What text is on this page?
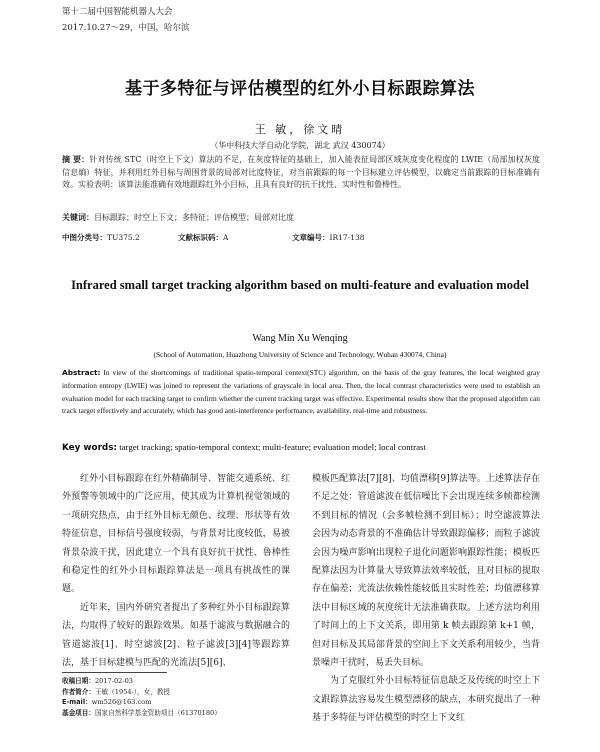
第十二届中国智能机器人大会
2017.10.27～29，中国，哈尔滨
基于多特征与评估模型的红外小目标跟踪算法
王 敏，徐文晴
（华中科技大学自动化学院，湖北 武汉 430074）
摘 要：针对传统 STC（时空上下文）算法的不足，在灰度特征的基础上，加入能表征局部区域灰度变化程度的 LWIE（局部加权灰度信息熵）特征，并利用红外目标与周围背景的局部对比度特征，对当前跟踪的每一个目标建立评估模型，以确定当前跟踪的目标准确有效。实验表明：该算法能准确有效地跟踪红外小目标，且具有良好的抗干扰性、实时性和鲁棒性。
关键词：目标跟踪；时空上下文；多特征；评估模型；局部对比度
中图分类号：TU375.2	文献标识码：A	文章编号：IR17-138
Infrared small target tracking algorithm based on multi-feature and evaluation model
Wang Min Xu Wenqing
(School of Automation, Huazhong University of Science and Technology, Wuhan 430074, China)
Abstract: In view of the shortcomings of traditional spatio-temporal context(STC) algorithm, on the basis of the gray features, the local weighted gray information entropy (LWIE) was joined to represent the variations of grayscale in local area. Then, the local contrast characteristics were used to establish an evaluation model for each tracking target to confirm whether the current tracking target was effective. Experimental results show that the proposed algorithm can track target effectively and accurately, which has good anti-interference performance, availability, real-time and robustness.
Key words: target tracking; spatio-temporal context; multi-feature; evaluation model; local contrast

红外小目标跟踪在红外精确制导、智能交通系统、红外预警等领域中的广泛应用，使其成为计算机视觉领域的一项研究热点，由于红外目标无颜色、纹理、形状等有效特征信息，目标信号强度较弱，与背景对比度较低，易被背景杂波干扰，因此建立一个具有良好抗干扰性、鲁棒性和稳定性的红外小目标跟踪算法是一项具有挑战性的课题。

近年来，国内外研究者提出了多种红外小目标跟踪算法，均取得了较好的跟踪效果。如基于滤波与数据融合的管道滤波[1]、时空滤波[2]、粒子滤波[3][4]等跟踪算法，基于目标建模与匹配的光流法[5][6]、

模板匹配算法[7][8]、均值漂移[9]算法等。上述算法存在不足之处：管道滤波在低信噪比下会出现连续多帧都检测不到目标的情况（会多帧检测不到目标）；时空滤波算法会因为动态背景的不准确估计导致跟踪偏移；而粒子滤波会因为噪声影响出现粒子退化问题影响跟踪性能；模板匹配算法因为计算量大导致算法效率较低，且对目标的提取存在偏差；光流法依赖性能较低且实时性差；均值漂移算法中目标区域的灰度统计无法准确获取。上述方法均利用了时间上的上下文关系，即用第 k 帧去跟踪第 k+1 帧，但对目标及其局部背景的空间上下文关系利用较少，当背景噪声干扰时，易丢失目标。

为了克服红外小目标特征信息缺乏及传统的时空上下文跟踪算法容易发生模型漂移的缺点，本研究提出了一种基于多特征与评估模型的时空上下文红

收稿日期：2017-02-03
作者简介：王敏（1954-），女，教授
E-mail：wm526@163.com
基金项目：国家自然科学基金资助项目（61370180）
